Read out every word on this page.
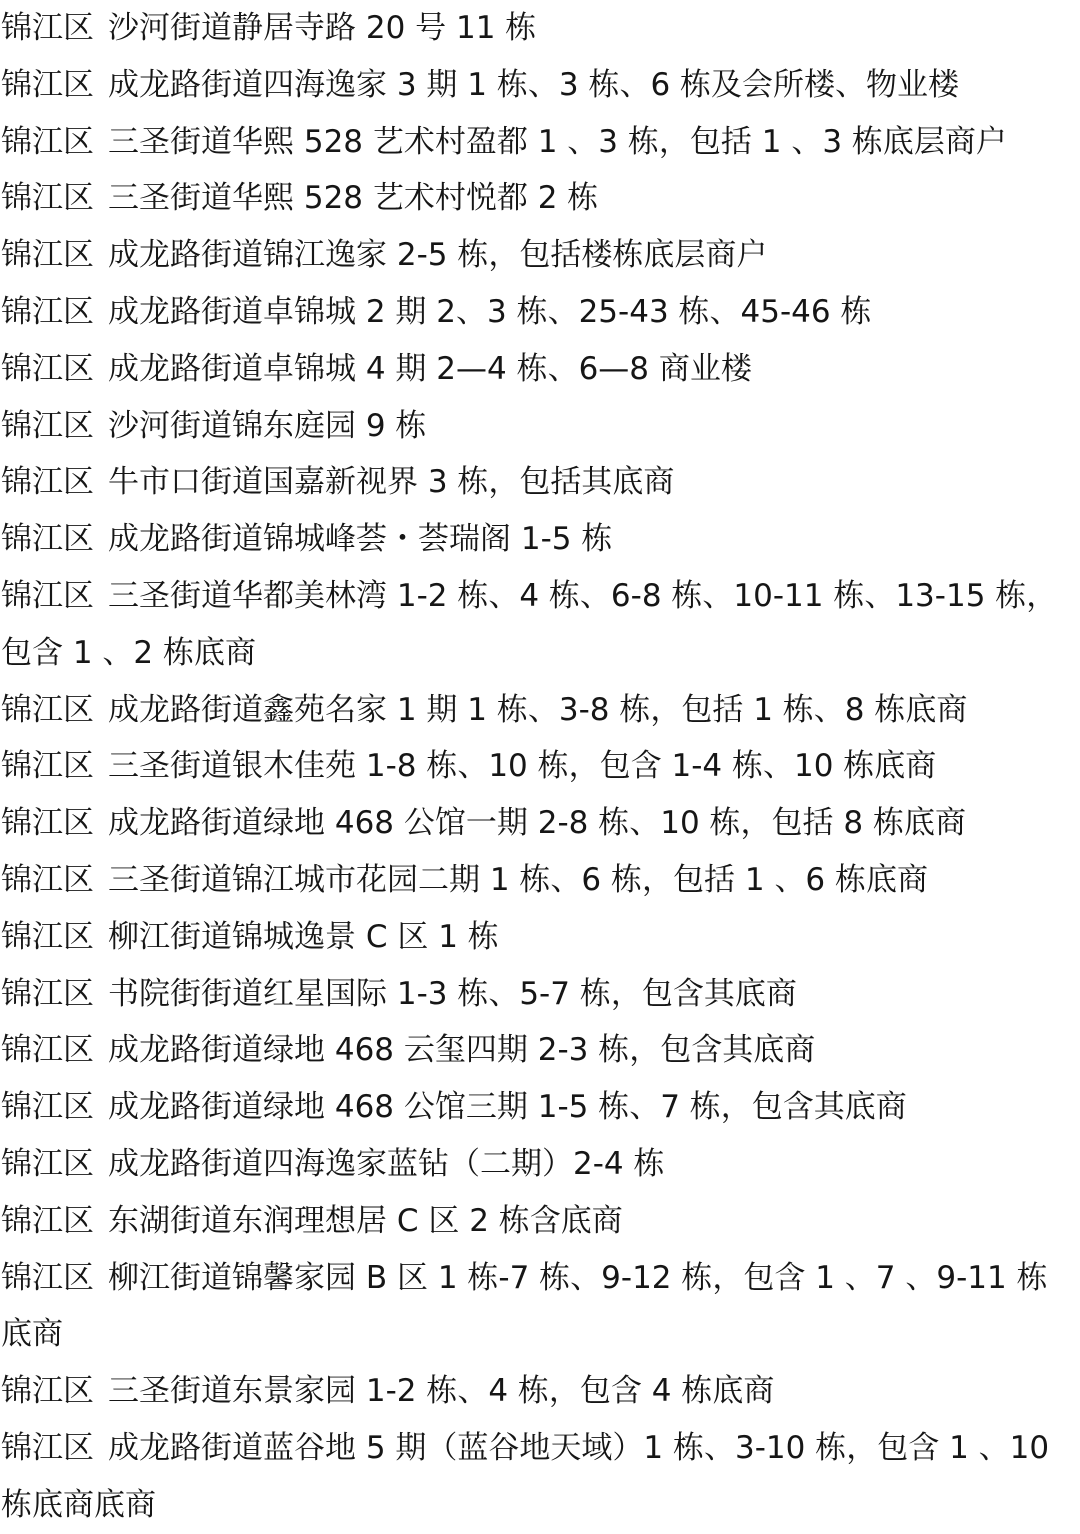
锦江区 沙河街道静居寺路 20 号 11 栋
锦江区 成龙路街道四海逸家 3 期 1 栋、3 栋、6 栋及会所楼、物业楼
锦江区 三圣街道华熙 528 艺术村盈都 1 、3 栋，包括 1 、3 栋底层商户
锦江区 三圣街道华熙 528 艺术村悦都 2 栋
锦江区 成龙路街道锦江逸家 2-5 栋，包括楼栋底层商户
锦江区 成龙路街道卓锦城 2 期 2、3 栋、25-43 栋、45-46 栋
锦江区 成龙路街道卓锦城 4 期 2—4 栋、6—8 商业楼
锦江区 沙河街道锦东庭园 9 栋
锦江区 牛市口街道国嘉新视界 3 栋，包括其底商
锦江区 成龙路街道锦城峰荟・荟瑞阁 1-5 栋
锦江区 三圣街道华都美林湾 1-2 栋、4 栋、6-8 栋、10-11 栋、13-15 栋，
包含 1 、2 栋底商
锦江区 成龙路街道鑫苑名家 1 期 1 栋、3-8 栋，包括 1 栋、8 栋底商
锦江区 三圣街道银木佳苑 1-8 栋、10 栋，包含 1-4 栋、10 栋底商
锦江区 成龙路街道绿地 468 公馆一期 2-8 栋、10 栋，包括 8 栋底商
锦江区 三圣街道锦江城市花园二期 1 栋、6 栋，包括 1 、6 栋底商
锦江区 柳江街道锦城逸景 C 区 1 栋
锦江区 书院街街道红星国际 1-3 栋、5-7 栋，包含其底商
锦江区 成龙路街道绿地 468 云玺四期 2-3 栋，包含其底商
锦江区 成龙路街道绿地 468 公馆三期 1-5 栋、7 栋，包含其底商
锦江区 成龙路街道四海逸家蓝钻（二期）2-4 栋
锦江区 东湖街道东润理想居 C 区 2 栋含底商
锦江区 柳江街道锦馨家园 B 区 1 栋-7 栋、9-12 栋，包含 1 、7 、9-11 栋
底商
锦江区 三圣街道东景家园 1-2 栋、4 栋，包含 4 栋底商
锦江区 成龙路街道蓝谷地 5 期（蓝谷地天域）1 栋、3-10 栋，包含 1 、10
栋底商底商
